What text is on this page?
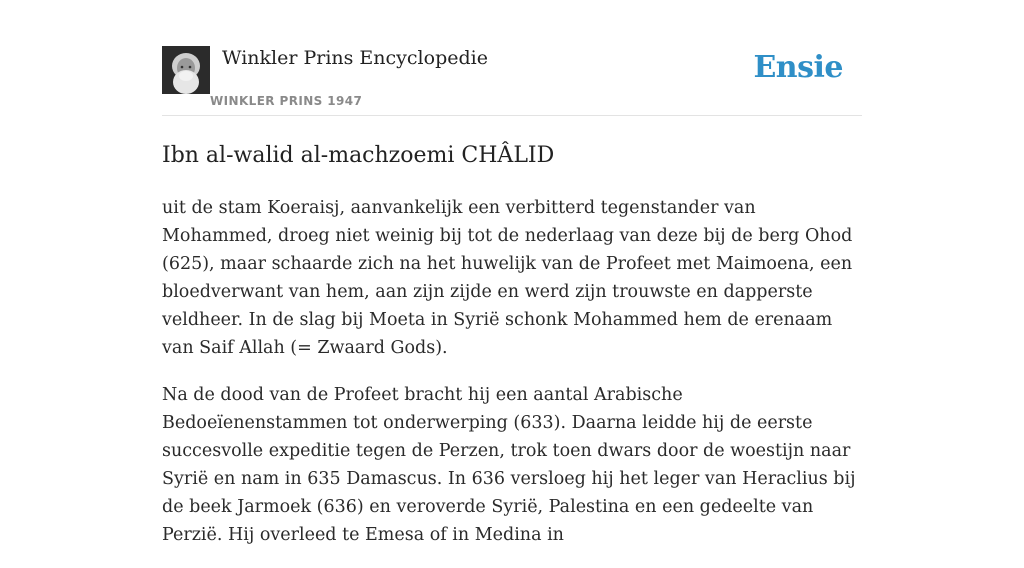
Winkler Prins Encyclopedie
WINKLER PRINS 1947
Ensie
Ibn al-walid al-machzoemi CHÂLID

uit de stam Koeraisj, aanvankelijk een verbitterd tegenstander van Mohammed, droeg niet weinig bij tot de nederlaag van deze bij de berg Ohod (625), maar schaarde zich na het huwelijk van de Profeet met Maimoena, een bloedverwant van hem, aan zijn zijde en werd zijn trouwste en dapperste veldheer. In de slag bij Moeta in Syrië schonk Mohammed hem de erenaam van Saif Allah (= Zwaard Gods).

Na de dood van de Profeet bracht hij een aantal Arabische Bedoeïenenstammen tot onderwerping (633). Daarna leidde hij de eerste succesvolle expeditie tegen de Perzen, trok toen dwars door de woestijn naar Syrië en nam in 635 Damascus. In 636 versloeg hij het leger van Heraclius bij de beek Jarmoek (636) en veroverde Syrië, Palestina en een gedeelte van Perzië. Hij overleed te Emesa of in Medina in
